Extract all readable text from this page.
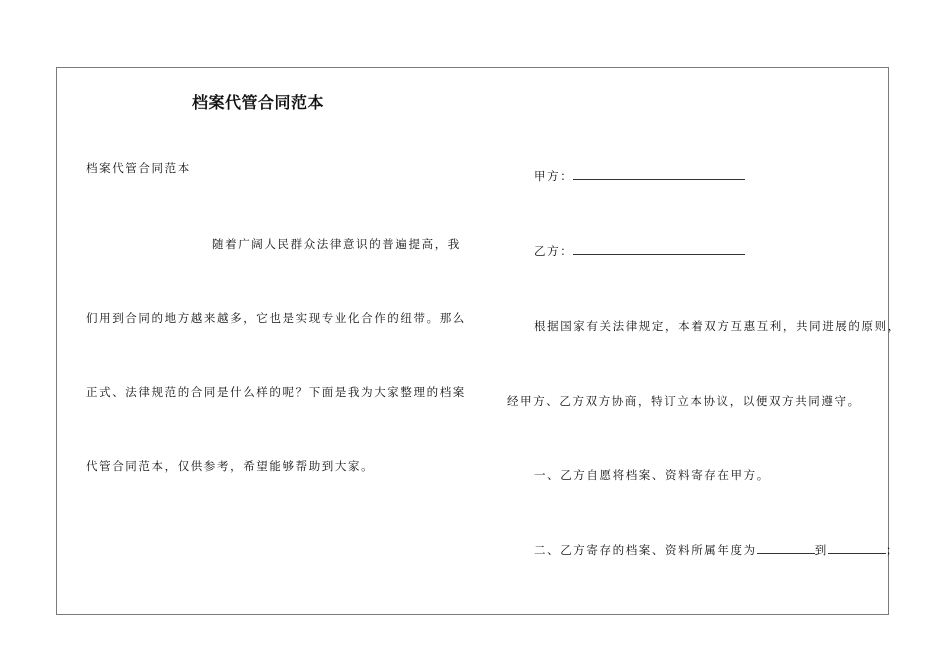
档案代管合同范本
档案代管合同范本
随着广阔人民群众法律意识的普遍提高，我
们用到合同的地方越来越多，它也是实现专业化合作的纽带。那么
正式、法律规范的合同是什么样的呢？下面是我为大家整理的档案
代管合同范本，仅供参考，希望能够帮助到大家。
甲方：
乙方：
根据国家有关法律规定，本着双方互惠互利，共同进展的原则，
经甲方、乙方双方协商，特订立本协议，以便双方共同遵守。
一、乙方自愿将档案、资料寄存在甲方。
二、乙方寄存的档案、资料所属年度为	到	；
